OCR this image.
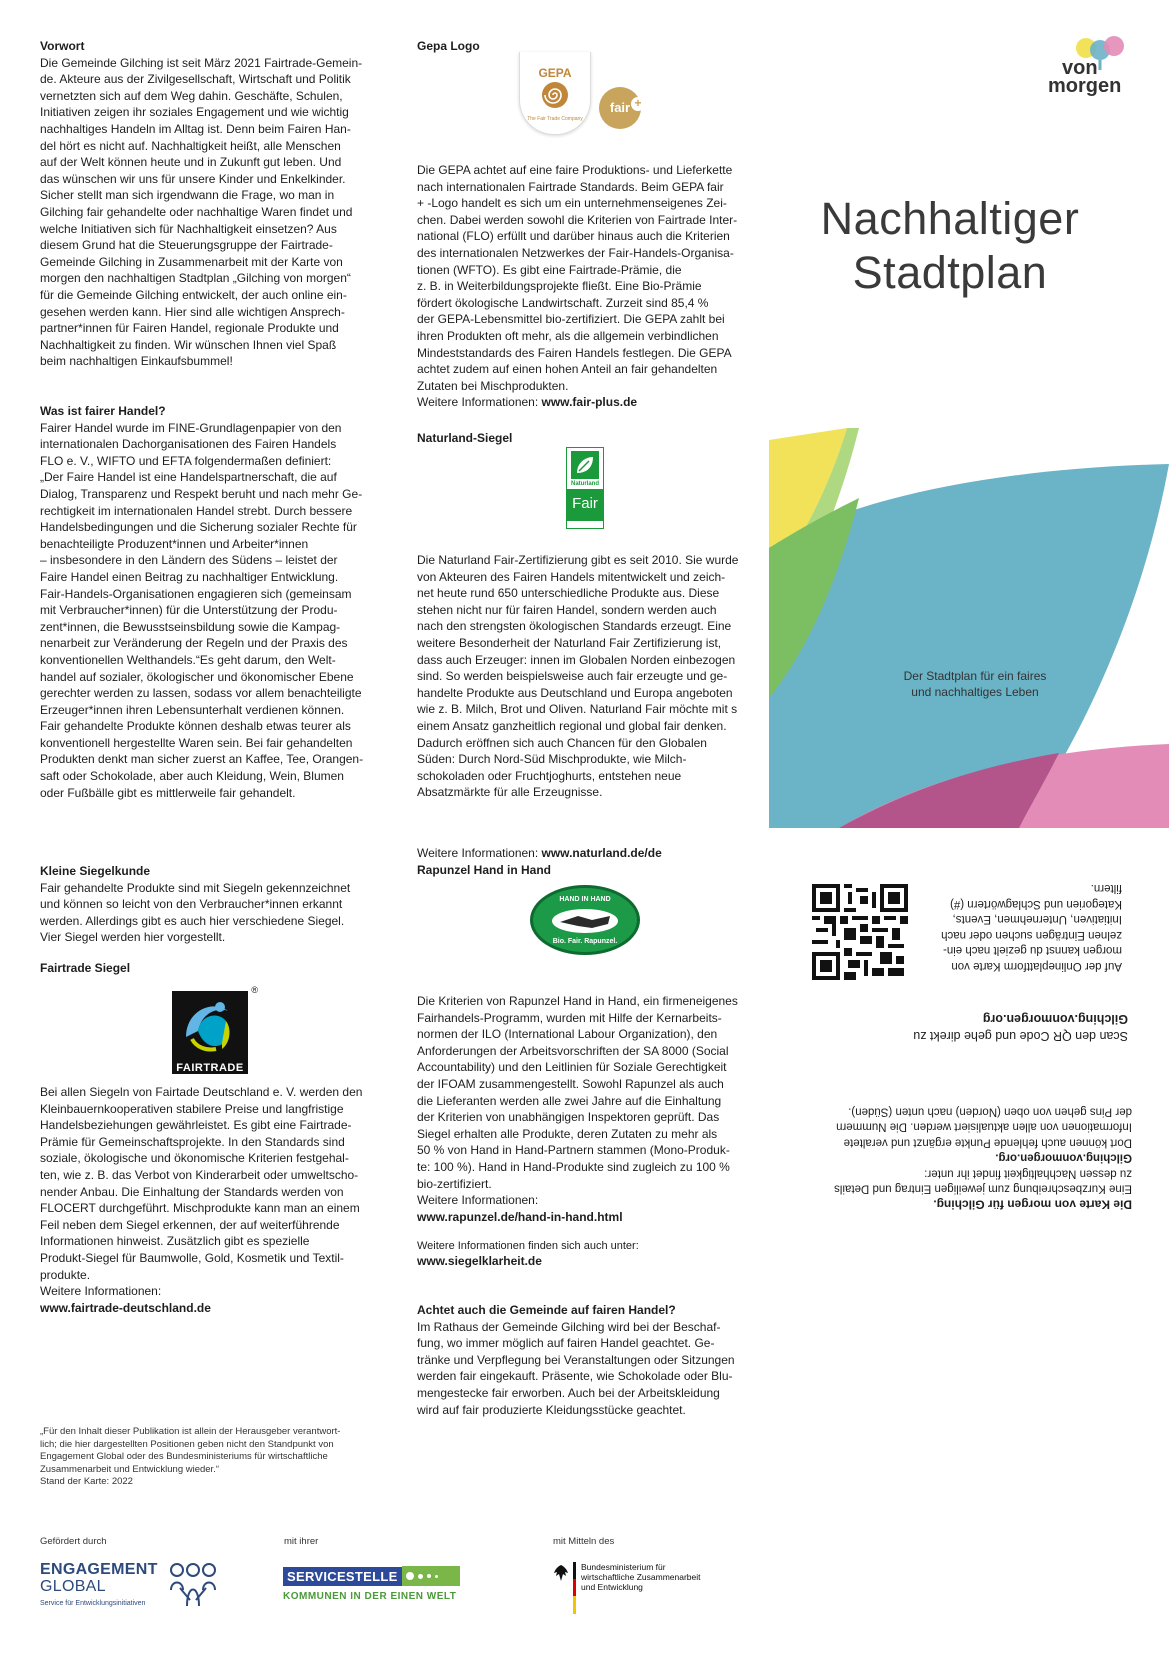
Vorwort

Die Gemeinde Gilching ist seit März 2021 Fairtrade-Gemein-
de. Akteure aus der Zivilgesellschaft, Wirtschaft und Politik
vernetzten sich auf dem Weg dahin. Geschäfte, Schulen,
Initiativen zeigen ihr soziales Engagement und wie wichtig
nachhaltiges Handeln im Alltag ist. Denn beim Fairen Han-
del hört es nicht auf. Nachhaltigkeit heißt, alle Menschen
auf der Welt können heute und in Zukunft gut leben. Und
das wünschen wir uns für unsere Kinder und Enkelkinder.
Sicher stellt man sich irgendwann die Frage, wo man in
Gilching fair gehandelte oder nachhaltige Waren findet und
welche Initiativen sich für Nachhaltigkeit einsetzen? Aus
diesem Grund hat die Steuerungsgruppe der Fairtrade-
Gemeinde Gilching in Zusammenarbeit mit der Karte von
morgen den nachhaltigen Stadtplan „Gilching von morgen“
für die Gemeinde Gilching entwickelt, der auch online ein-
gesehen werden kann. Hier sind alle wichtigen Ansprech-
partner*innen für Fairen Handel, regionale Produkte und
Nachhaltigkeit zu finden. Wir wünschen Ihnen viel Spaß
beim nachhaltigen Einkaufsbummel!

Was ist fairer Handel?

Fairer Handel wurde im FINE-Grundlagenpapier von den
internationalen Dachorganisationen des Fairen Handels
FLO e. V., WIFTO und EFTA folgendermaßen definiert:
„Der Faire Handel ist eine Handelspartnerschaft, die auf
Dialog, Transparenz und Respekt beruht und nach mehr Ge-
rechtigkeit im internationalen Handel strebt. Durch bessere
Handelsbedingungen und die Sicherung sozialer Rechte für
benachteiligte Produzent*innen und Arbeiter*innen
– insbesondere in den Ländern des Südens – leistet der
Faire Handel einen Beitrag zu nachhaltiger Entwicklung.
Fair-Handels-Organisationen engagieren sich (gemeinsam
mit Verbraucher*innen) für die Unterstützung der Produ-
zent*innen, die Bewusstseinsbildung sowie die Kampag-
nenarbeit zur Veränderung der Regeln und der Praxis des
konventionellen Welthandels.“Es geht darum, den Welt-
handel auf sozialer, ökologischer und ökonomischer Ebene
gerechter werden zu lassen, sodass vor allem benachteiligte
Erzeuger*innen ihren Lebensunterhalt verdienen können.
Fair gehandelte Produkte können deshalb etwas teurer als
konventionell hergestellte Waren sein. Bei fair gehandelten
Produkten denkt man sicher zuerst an Kaffee, Tee, Orangen-
saft oder Schokolade, aber auch Kleidung, Wein, Blumen
oder Fußbälle gibt es mittlerweile fair gehandelt.

Kleine Siegelkunde

Fair gehandelte Produkte sind mit Siegeln gekennzeichnet
und können so leicht von den Verbraucher*innen erkannt
werden. Allerdings gibt es auch hier verschiedene Siegel.
Vier Siegel werden hier vorgestellt.

Fairtrade Siegel

FAIRTRADE
®

Bei allen Siegeln von Fairtade Deutschland e. V. werden den
Kleinbauernkooperativen stabilere Preise und langfristige
Handelsbeziehungen gewährleistet. Es gibt eine Fairtrade-
Prämie für Gemeinschaftsprojekte. In den Standards sind
soziale, ökologische und ökonomische Kriterien festgehal-
ten, wie z. B. das Verbot von Kinderarbeit oder umweltscho-
nender Anbau. Die Einhaltung der Standards werden von
FLOCERT durchgeführt. Mischprodukte kann man an einem
Feil neben dem Siegel erkennen, der auf weiterführende
Informationen hinweist. Zusätzlich gibt es spezielle
Produkt-Siegel für Baumwolle, Gold, Kosmetik und Textil-
produkte.
Weitere Informationen:

www.fairtrade-deutschland.de

„Für den Inhalt dieser Publikation ist allein der Herausgeber verantwort-
lich; die hier dargestellten Positionen geben nicht den Standpunkt von
Engagement Global oder des Bundesministeriums für wirtschaftliche
Zusammenarbeit und Entwicklung wieder.“
Stand der Karte: 2022

Gepa Logo

GEPA
The Fair Trade Company
fair +

Die GEPA achtet auf eine faire Produktions- und Lieferkette
nach internationalen Fairtrade Standards. Beim GEPA fair
+ -Logo handelt es sich um ein unternehmenseigenes Zei-
chen. Dabei werden sowohl die Kriterien von Fairtrade Inter-
national (FLO) erfüllt und darüber hinaus auch die Kriterien
des internationalen Netzwerkes der Fair-Handels-Organisa-
tionen (WFTO). Es gibt eine Fairtrade-Prämie, die
z. B. in Weiterbildungsprojekte fließt. Eine Bio-Prämie
fördert ökologische Landwirtschaft. Zurzeit sind 85,4 %
der GEPA-Lebensmittel bio-zertifiziert. Die GEPA zahlt bei
ihren Produkten oft mehr, als die allgemein verbindlichen
Mindeststandards des Fairen Handels festlegen. Die GEPA
achtet zudem auf einen hohen Anteil an fair gehandelten
Zutaten bei Mischprodukten.
Weitere Informationen: www.fair-plus.de

Naturland-Siegel

Naturland
Fair

Die Naturland Fair-Zertifizierung gibt es seit 2010. Sie wurde
von Akteuren des Fairen Handels mitentwickelt und zeich-
net heute rund 650 unterschiedliche Produkte aus. Diese
stehen nicht nur für fairen Handel, sondern werden auch
nach den strengsten ökologischen Standards erzeugt. Eine
weitere Besonderheit der Naturland Fair Zertifizierung ist,
dass auch Erzeuger: innen im Globalen Norden einbezogen
sind. So werden beispielsweise auch fair erzeugte und ge-
handelte Produkte aus Deutschland und Europa angeboten
wie z. B. Milch, Brot und Oliven. Naturland Fair möchte mit s
einem Ansatz ganzheitlich regional und global fair denken.
Dadurch eröffnen sich auch Chancen für den Globalen
Süden: Durch Nord-Süd Mischprodukte, wie Milch-
schokoladen oder Fruchtjoghurts, entstehen neue
Absatzmärkte für alle Erzeugnisse.

Weitere Informationen: www.naturland.de/de

Rapunzel Hand in Hand

HAND IN HAND
Bio. Fair. Rapunzel.

Die Kriterien von Rapunzel Hand in Hand, ein firmeneigenes
Fairhandels-Programm, wurden mit Hilfe der Kernarbeits-
normen der ILO (International Labour Organization), den
Anforderungen der Arbeitsvorschriften der SA 8000 (Social
Accountability) und den Leitlinien für Soziale Gerechtigkeit
der IFOAM zusammengestellt. Sowohl Rapunzel als auch
die Lieferanten werden alle zwei Jahre auf die Einhaltung
der Kriterien von unabhängigen Inspektoren geprüft. Das
Siegel erhalten alle Produkte, deren Zutaten zu mehr als
50 % von Hand in Hand-Partnern stammen (Mono-Produk-
te: 100 %). Hand in Hand-Produkte sind zugleich zu 100 %
bio-zertifiziert.
Weitere Informationen:

www.rapunzel.de/hand-in-hand.html

Weitere Informationen finden sich auch unter:

www.siegelklarheit.de

Achtet auch die Gemeinde auf fairen Handel?

Im Rathaus der Gemeinde Gilching wird bei der Beschaf-
fung, wo immer möglich auf fairen Handel geachtet. Ge-
tränke und Verpflegung bei Veranstaltungen oder Sitzungen
werden fair eingekauft. Präsente, wie Schokolade oder Blu-
mengestecke fair erworben. Auch bei der Arbeitskleidung
wird auf fair produzierte Kleidungsstücke geachtet.

von
morgen
Nachhaltiger
Stadtplan
Der Stadtplan für ein faires
und nachhaltiges Leben

Auf der Onlineplattform Karte von
morgen kannst du gezielt nach ein-
zelnen Einträgen suchen oder nach
Initiativen, Unternehmen, Events,
Kategorien und Schlagwörtern (#)
filtern.

Scan den QR Code und gehe direkt zu

Gilching.vonmorgen.org

Die Karte von morgen für Gilching.

Eine Kurzbeschreibung zum jeweiligen Eintrag und Details
zu dessen Nachhaltigkeit findet ihr unter:

Gilching.vonmorgen.org.

Dort können auch fehlende Punkte ergänzt und veraltete
Informationen von allen aktualisiert werden. Die Nummern
der Pins gehen von oben (Norden) nach unten (Süden).

Gefördert durch	mit ihrer	mit Mitteln des
ENGAGEMENT
GLOBAL
Service für Entwicklungsinitiativen
SERVICESTELLE
KOMMUNEN IN DER EINEN WELT
Bundesministerium für
wirtschaftliche Zusammenarbeit
und Entwicklung
